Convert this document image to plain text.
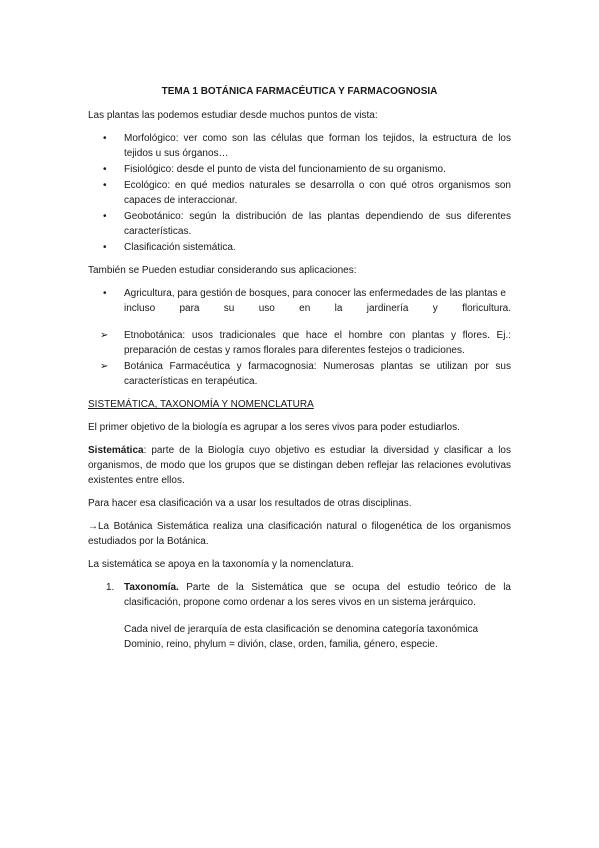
TEMA 1 BOTÁNICA FARMACÉUTICA Y FARMACOGNOSIA

Las plantas las podemos estudiar desde muchos puntos de vista:

• Morfológico: ver como son las células que forman los tejidos, la estructura de los tejidos u sus órganos…
• Fisiológico: desde el punto de vista del funcionamiento de su organismo.
• Ecológico: en qué medios naturales se desarrolla o con qué otros organismos son capaces de interaccionar.
• Geobotánico: según la distribución de las plantas dependiendo de sus diferentes características.
• Clasificación sistemática.

También se Pueden estudiar considerando sus aplicaciones:

• Agricultura, para gestión de bosques, para conocer las enfermedades de las plantas e
incluso para su uso en la jardinería y floricultura.
➢ Etnobotánica: usos tradicionales que hace el hombre con plantas y flores. Ej.: preparación de cestas y ramos florales para diferentes festejos o tradiciones.
➢ Botánica Farmacéutica y farmacognosia: Numerosas plantas se utilizan por sus características en terapéutica.

SISTEMÁTICA, TAXONOMÍA Y NOMENCLATURA

El primer objetivo de la biología es agrupar a los seres vivos para poder estudiarlos.

Sistemática: parte de la Biología cuyo objetivo es estudiar la diversidad y clasificar a los organismos, de modo que los grupos que se distingan deben reflejar las relaciones evolutivas existentes entre ellos.

Para hacer esa clasificación va a usar los resultados de otras disciplinas.

→La Botánica Sistemática realiza una clasificación natural o filogenética de los organismos estudiados por la Botánica.

La sistemática se apoya en la taxonomía y la nomenclatura.

1. Taxonomía. Parte de la Sistemática que se ocupa del estudio teórico de la clasificación, propone como ordenar a los seres vivos en un sistema jerárquico.
Cada nivel de jerarquía de esta clasificación se denomina categoría taxonómica
Dominio, reino, phylum = divión, clase, orden, familia, género, especie.
